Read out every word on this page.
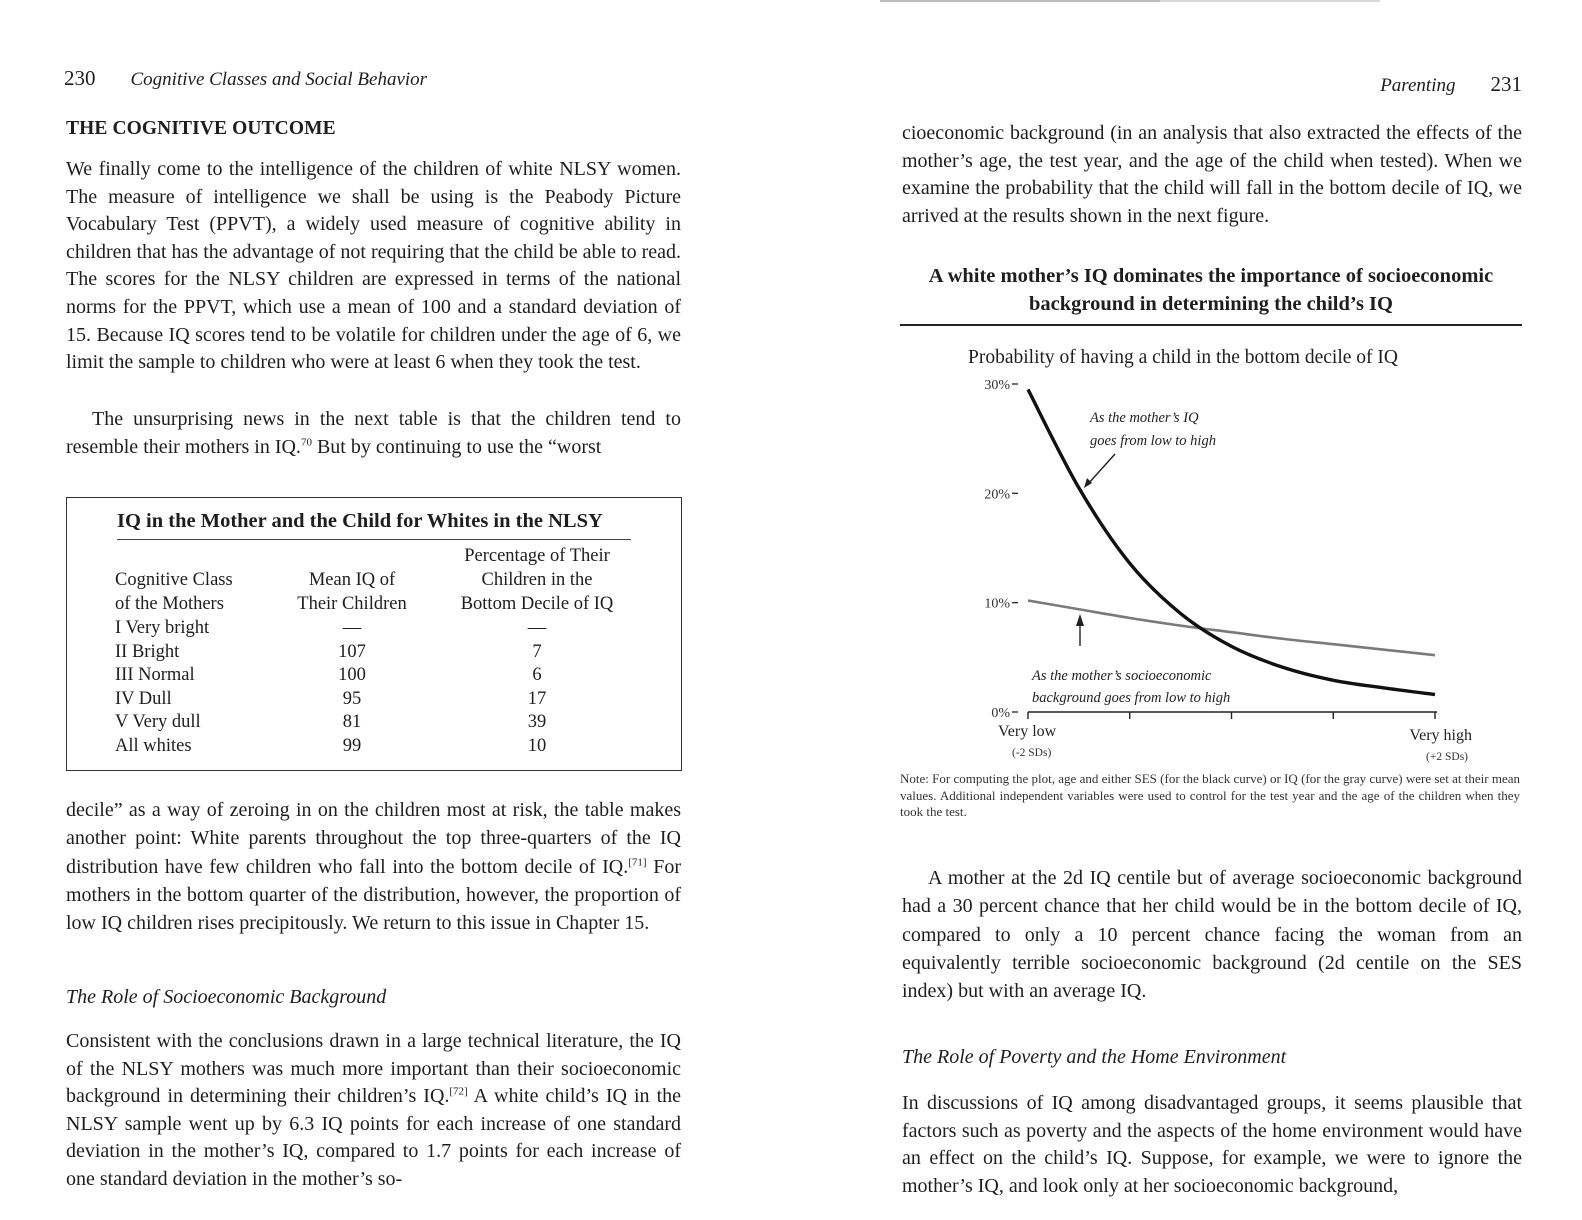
230 Cognitive Classes and Social Behavior
THE COGNITIVE OUTCOME
We finally come to the intelligence of the children of white NLSY women. The measure of intelligence we shall be using is the Peabody Picture Vocabulary Test (PPVT), a widely used measure of cognitive ability in children that has the advantage of not requiring that the child be able to read. The scores for the NLSY children are expressed in terms of the national norms for the PPVT, which use a mean of 100 and a standard deviation of 15. Because IQ scores tend to be volatile for children under the age of 6, we limit the sample to children who were at least 6 when they took the test.
The unsurprising news in the next table is that the children tend to resemble their mothers in IQ.$^{70}$ But by continuing to use the “worst
IQ in the Mother and the Child for Whites in the NLSY
Cognitive Class
of the Mothers
Mean IQ of
Their Children
Percentage of Their
Children in the
Bottom Decile of IQ
I Very bright
II Bright
III Normal
IV Dull
V Very dull
All whites
—
107
100
95
81
99
—
7
6
17
39
10
decile” as a way of zeroing in on the children most at risk, the table makes another point: White parents throughout the top three-quarters of the IQ distribution have few children who fall into the bottom decile of IQ.[71] For mothers in the bottom quarter of the distribution, however, the proportion of low IQ children rises precipitously. We return to this issue in Chapter 15.
The Role of Socioeconomic Background
Consistent with the conclusions drawn in a large technical literature, the IQ of the NLSY mothers was much more important than their socioeconomic background in determining their children’s IQ.[72] A white child’s IQ in the NLSY sample went up by 6.3 IQ points for each increase of one standard deviation in the mother’s IQ, compared to 1.7 points for each increase of one standard deviation in the mother’s so-
Parenting 231
cioeconomic background (in an analysis that also extracted the effects of the mother’s age, the test year, and the age of the child when tested). When we examine the probability that the child will fall in the bottom decile of IQ, we arrived at the results shown in the next figure.
A white mother’s IQ dominates the importance of socioeconomic
background in determining the child’s IQ
Probability of having a child in the bottom decile of IQ
0%
10%
20%
30%
Very low
(-2 SDs)
Very high
(+2 SDs)
As the mother’s IQ
goes from low to high
As the mother’s socioeconomic
background goes from low to high
Note: For computing the plot, age and either SES (for the black curve) or IQ (for the gray curve) were set at their mean values. Additional independent variables were used to control for the test year and the age of the children when they took the test.
A mother at the 2d IQ centile but of average socioeconomic background had a 30 percent chance that her child would be in the bottom decile of IQ, compared to only a 10 percent chance facing the woman from an equivalently terrible socioeconomic background (2d centile on the SES index) but with an average IQ.
The Role of Poverty and the Home Environment
In discussions of IQ among disadvantaged groups, it seems plausible that factors such as poverty and the aspects of the home environment would have an effect on the child’s IQ. Suppose, for example, we were to ignore the mother’s IQ, and look only at her socioeconomic background,
